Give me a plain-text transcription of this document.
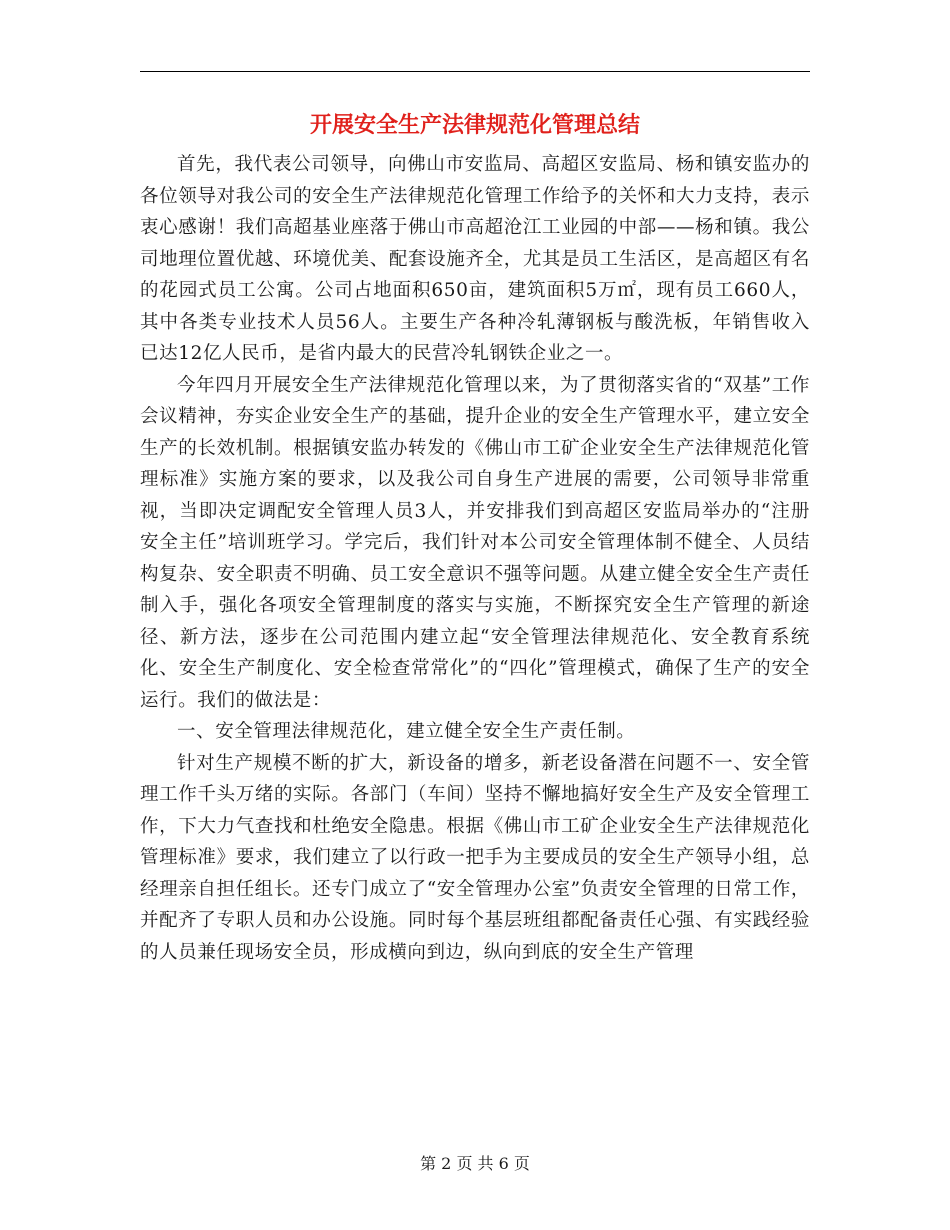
开展安全生产法律规范化管理总结

首先，我代表公司领导，向佛山市安监局、高超区安监局、杨和镇安监办的各位领导对我公司的安全生产法律规范化管理工作给予的关怀和大力支持，表示衷心感谢！我们高超基业座落于佛山市高超沧江工业园的中部——杨和镇。我公司地理位置优越、环境优美、配套设施齐全，尤其是员工生活区，是高超区有名的花园式员工公寓。公司占地面积650亩，建筑面积5万㎡，现有员工660人，其中各类专业技术人员56人。主要生产各种冷轧薄钢板与酸洗板，年销售收入已达12亿人民币，是省内最大的民营冷轧钢铁企业之一。

今年四月开展安全生产法律规范化管理以来，为了贯彻落实省的“双基”工作会议精神，夯实企业安全生产的基础，提升企业的安全生产管理水平，建立安全生产的长效机制。根据镇安监办转发的《佛山市工矿企业安全生产法律规范化管理标准》实施方案的要求，以及我公司自身生产进展的需要，公司领导非常重视，当即决定调配安全管理人员3人，并安排我们到高超区安监局举办的“注册安全主任”培训班学习。学完后，我们针对本公司安全管理体制不健全、人员结构复杂、安全职责不明确、员工安全意识不强等问题。从建立健全安全生产责任制入手，强化各项安全管理制度的落实与实施，不断探究安全生产管理的新途径、新方法，逐步在公司范围内建立起“安全管理法律规范化、安全教育系统化、安全生产制度化、安全检查常常化”的“四化”管理模式，确保了生产的安全运行。我们的做法是：

一、安全管理法律规范化，建立健全安全生产责任制。

针对生产规模不断的扩大，新设备的增多，新老设备潜在问题不一、安全管理工作千头万绪的实际。各部门（车间）坚持不懈地搞好安全生产及安全管理工作，下大力气查找和杜绝安全隐患。根据《佛山市工矿企业安全生产法律规范化管理标准》要求，我们建立了以行政一把手为主要成员的安全生产领导小组，总经理亲自担任组长。还专门成立了“安全管理办公室”负责安全管理的日常工作，并配齐了专职人员和办公设施。同时每个基层班组都配备责任心强、有实践经验的人员兼任现场安全员，形成横向到边，纵向到底的安全生产管理

第 2 页 共 6 页
